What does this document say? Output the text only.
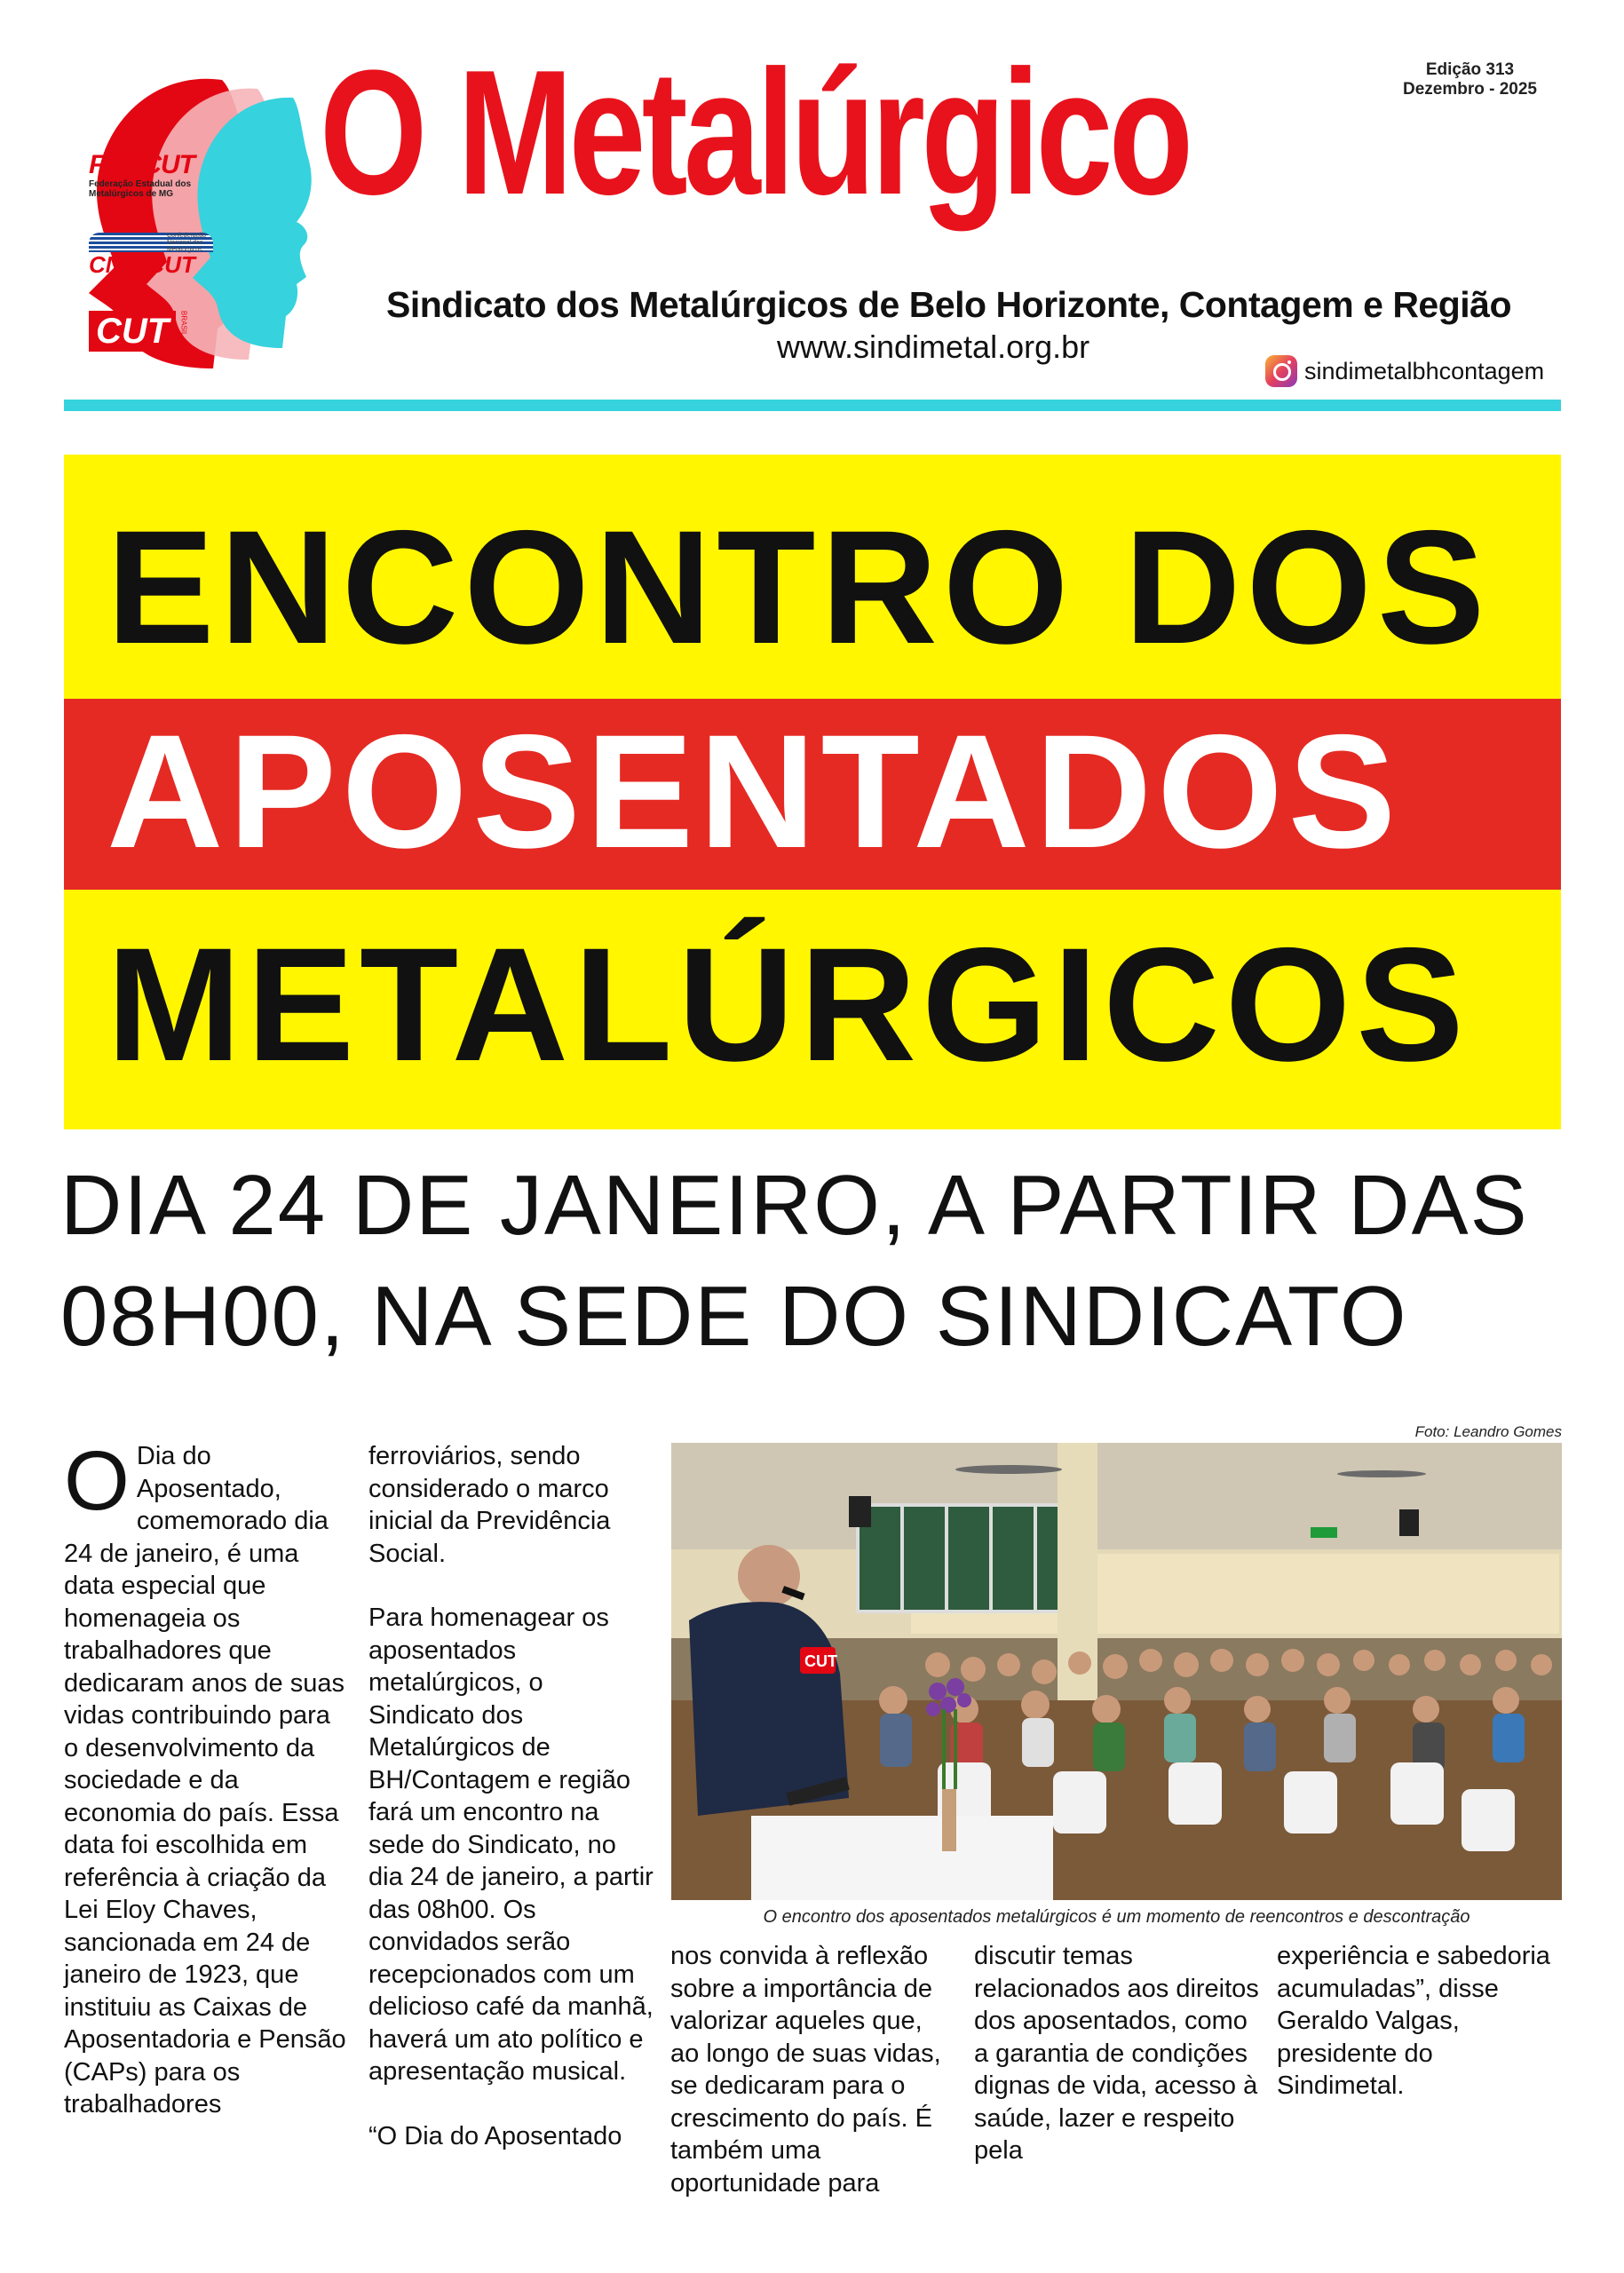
FEMCUT
Federação Estadual dos Metalúrgicos de MG
Confederação Nacional dos Metalúrgicos
CNM/CUT
CUT BRASIL
O Metalúrgico	Edição 313
Dezembro - 2025
Sindicato dos Metalúrgicos de Belo Horizonte, Contagem e Região
www.sindimetal.org.br
sindimetalbhcontagem
ENCONTRO DOS
APOSENTADOS
METALÚRGICOS
DIA 24 DE JANEIRO, A PARTIR DAS 08H00, NA SEDE DO SINDICATO
O Dia do Aposentado, comemorado dia 24 de janeiro, é uma data especial que homenageia os trabalhadores que dedicaram anos de suas vidas contribuindo para o desenvolvimento da sociedade e da economia do país. Essa data foi escolhida em referência à criação da Lei Eloy Chaves, sancionada em 24 de janeiro de 1923, que instituiu as Caixas de Aposentadoria e Pensão (CAPs) para os trabalhadores

ferroviários, sendo considerado o marco inicial da Previdência Social.

Para homenagear os aposentados metalúrgicos, o Sindicato dos Metalúrgicos de BH/Contagem e região fará um encontro na sede do Sindicato, no dia 24 de janeiro, a partir das 08h00. Os convidados serão recepcionados com um delicioso café da manhã, haverá um ato político e apresentação musical.

“O Dia do Aposentado

Foto: Leandro Gomes
CUT
O encontro dos aposentados metalúrgicos é um momento de reencontros e descontração
nos convida à reflexão sobre a importância de valorizar aqueles que, ao longo de suas vidas, se dedicaram para o crescimento do país. É também uma oportunidade para
discutir temas relacionados aos direitos dos aposentados, como a garantia de condições dignas de vida, acesso à saúde, lazer e respeito pela
experiência e sabedoria acumuladas”, disse Geraldo Valgas, presidente do Sindimetal.
